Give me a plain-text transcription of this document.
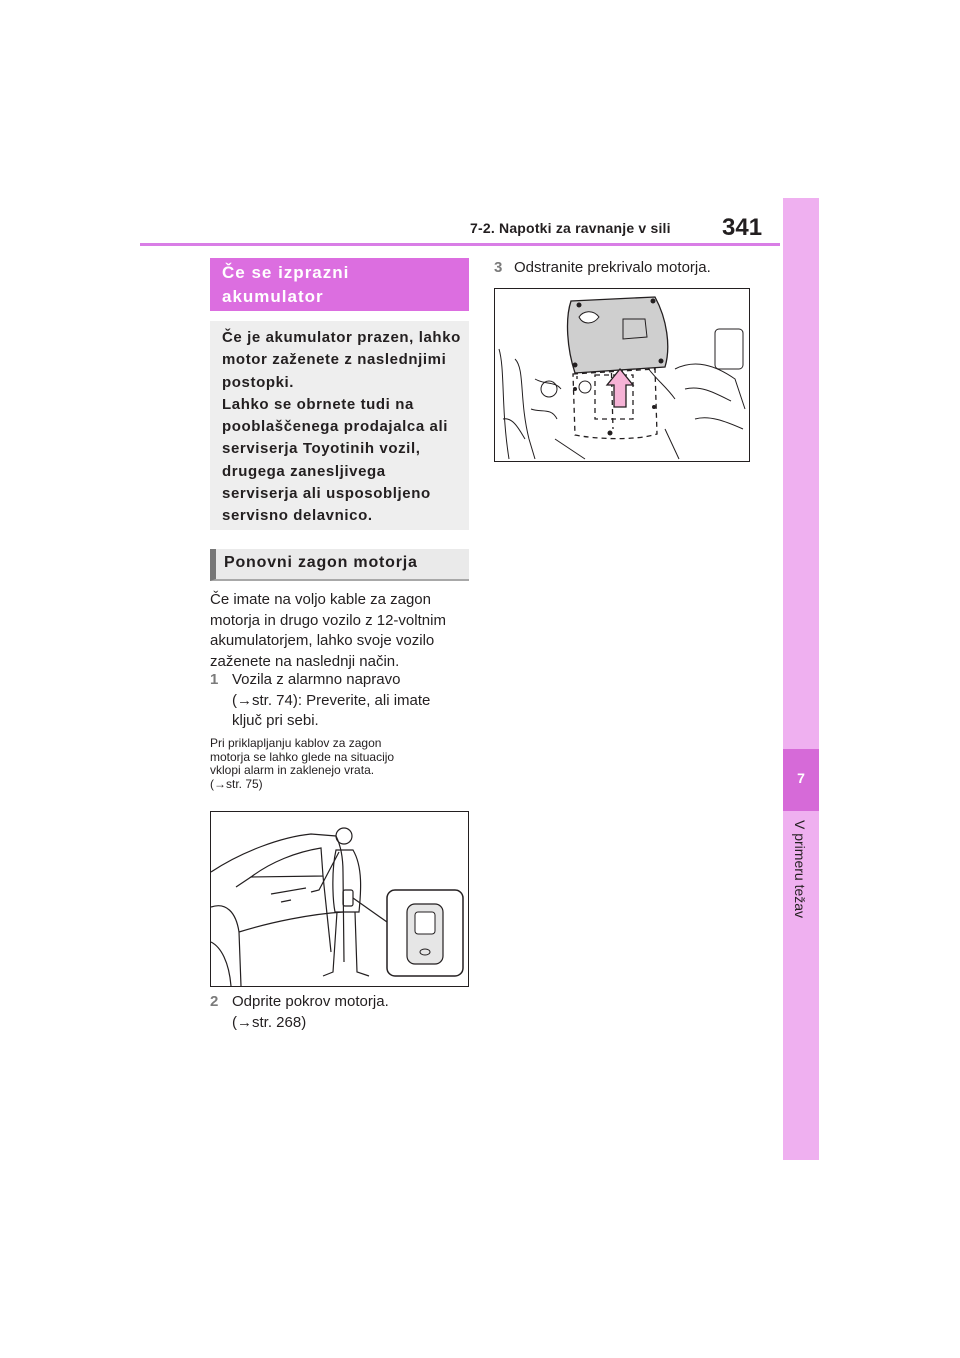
7-2. Napotki za ravnanje v sili 341
7
V primeru težav
Če se izprazni
akumulator
Če je akumulator prazen, lahko
motor zaženete z naslednjimi
postopki.
Lahko se obrnete tudi na
pooblaščenega prodajalca ali
serviserja Toyotinih vozil,
drugega zanesljivega
serviserja ali usposobljeno
servisno delavnico.
Ponovni zagon motorja
Če imate na voljo kable za zagon
motorja in drugo vozilo z 12-voltnim
akumulatorjem, lahko svoje vozilo
zaženete na naslednji način.
1 Vozila z alarmno napravo
(→str. 74): Preverite, ali imate
ključ pri sebi.
Pri priklapljanju kablov za zagon
motorja se lahko glede na situacijo
vklopi alarm in zaklenejo vrata.
(→str. 75)
2 Odprite pokrov motorja.
(→str. 268)
3 Odstranite prekrivalo motorja.
